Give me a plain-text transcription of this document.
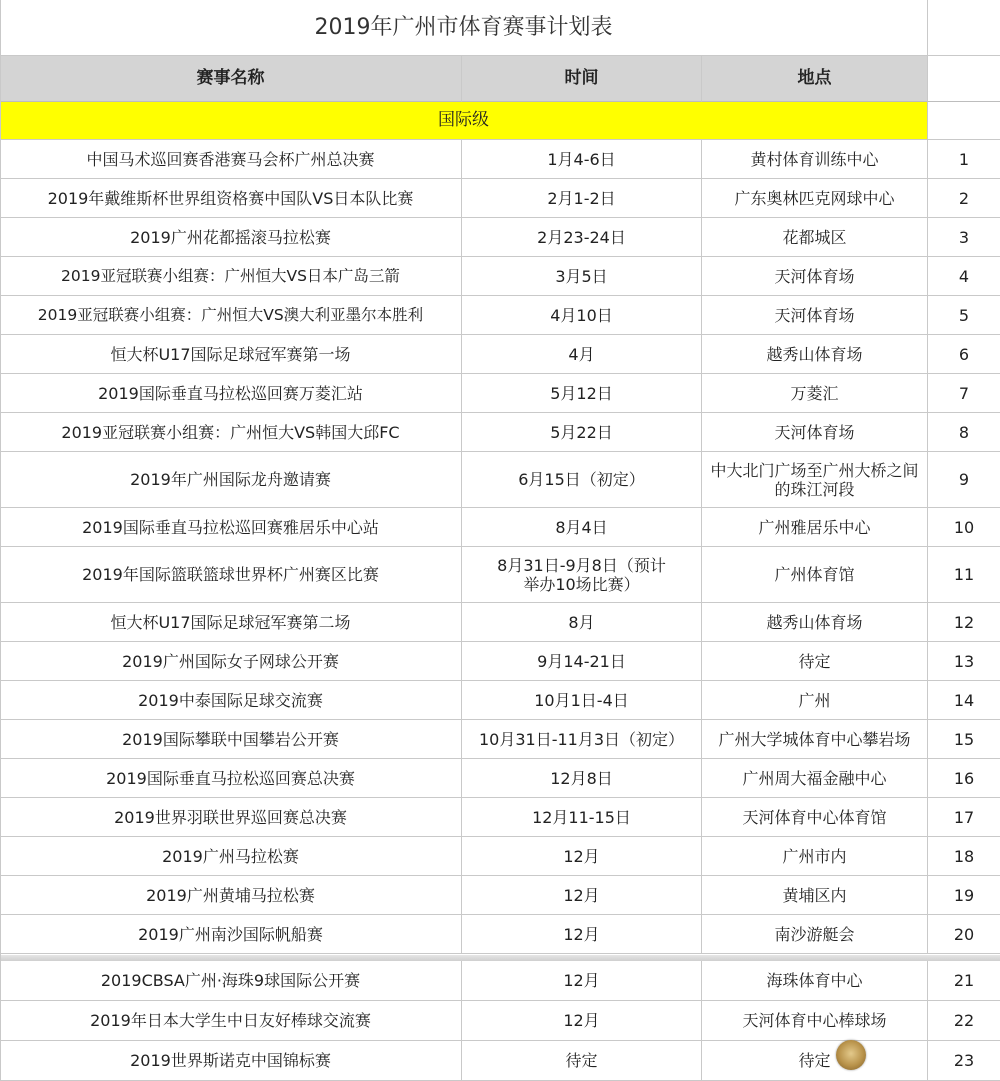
2019年广州市体育赛事计划表
赛事名称	时间	地点
国际级
中国马术巡回赛香港赛马会杯广州总决赛	1月4-6日	黄村体育训练中心	1
2019年戴维斯杯世界组资格赛中国队VS日本队比赛	2月1-2日	广东奥林匹克网球中心	2
2019广州花都摇滚马拉松赛	2月23-24日	花都城区	3
2019亚冠联赛小组赛：广州恒大VS日本广岛三箭	3月5日	天河体育场	4
2019亚冠联赛小组赛：广州恒大VS澳大利亚墨尔本胜利	4月10日	天河体育场	5
恒大杯U17国际足球冠军赛第一场	4月	越秀山体育场	6
2019国际垂直马拉松巡回赛万菱汇站	5月12日	万菱汇	7
2019亚冠联赛小组赛：广州恒大VS韩国大邱FC	5月22日	天河体育场	8
2019年广州国际龙舟邀请赛	6月15日（初定）	中大北门广场至广州大桥之间的珠江河段	9
2019国际垂直马拉松巡回赛雅居乐中心站	8月4日	广州雅居乐中心	10
2019年国际篮联篮球世界杯广州赛区比赛	8月31日-9月8日（预计举办10场比赛）	广州体育馆	11
恒大杯U17国际足球冠军赛第二场	8月	越秀山体育场	12
2019广州国际女子网球公开赛	9月14-21日	待定	13
2019中泰国际足球交流赛	10月1日-4日	广州	14
2019国际攀联中国攀岩公开赛	10月31日-11月3日（初定）	广州大学城体育中心攀岩场	15
2019国际垂直马拉松巡回赛总决赛	12月8日	广州周大福金融中心	16
2019世界羽联世界巡回赛总决赛	12月11-15日	天河体育中心体育馆	17
2019广州马拉松赛	12月	广州市内	18
2019广州黄埔马拉松赛	12月	黄埔区内	19
2019广州南沙国际帆船赛	12月	南沙游艇会	20
2019CBSA广州·海珠9球国际公开赛	12月	海珠体育中心	21
2019年日本大学生中日友好棒球交流赛	12月	天河体育中心棒球场	22
2019世界斯诺克中国锦标赛	待定	待定	23
